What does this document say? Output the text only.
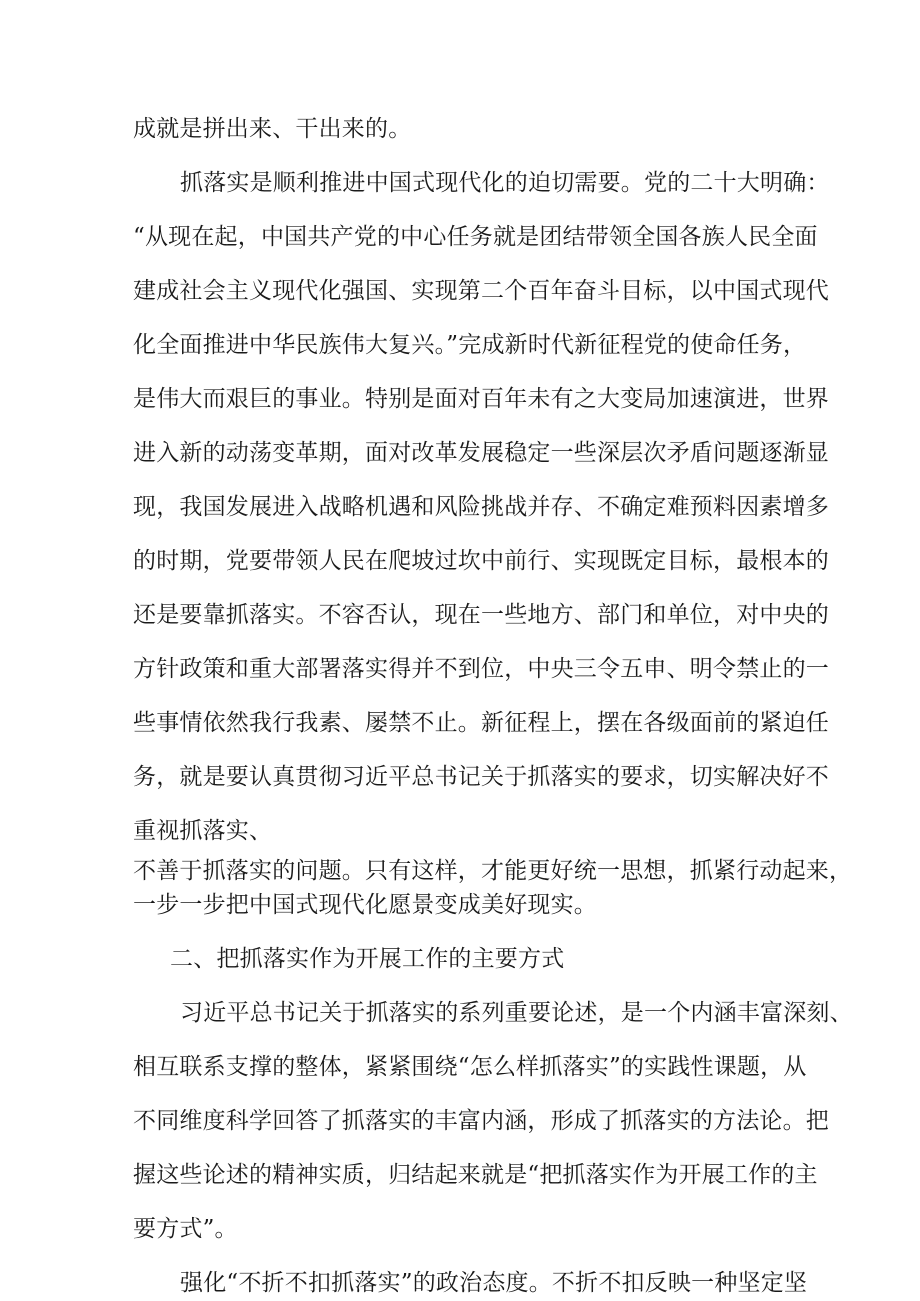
成就是拼出来、干出来的。
抓落实是顺利推进中国式现代化的迫切需要。党的二十大明确：
“从现在起，中国共产党的中心任务就是团结带领全国各族人民全面
建成社会主义现代化强国、实现第二个百年奋斗目标，以中国式现代
化全面推进中华民族伟大复兴。”完成新时代新征程党的使命任务，
是伟大而艰巨的事业。特别是面对百年未有之大变局加速演进，世界
进入新的动荡变革期，面对改革发展稳定一些深层次矛盾问题逐渐显
现，我国发展进入战略机遇和风险挑战并存、不确定难预料因素增多
的时期，党要带领人民在爬坡过坎中前行、实现既定目标，最根本的
还是要靠抓落实。不容否认，现在一些地方、部门和单位，对中央的
方针政策和重大部署落实得并不到位，中央三令五申、明令禁止的一
些事情依然我行我素、屡禁不止。新征程上，摆在各级面前的紧迫任
务，就是要认真贯彻习近平总书记关于抓落实的要求，切实解决好不
重视抓落实、
不善于抓落实的问题。只有这样，才能更好统一思想，抓紧行动起来，
一步一步把中国式现代化愿景变成美好现实。
二、把抓落实作为开展工作的主要方式
习近平总书记关于抓落实的系列重要论述，是一个内涵丰富深刻、
相互联系支撑的整体，紧紧围绕“怎么样抓落实”的实践性课题，从
不同维度科学回答了抓落实的丰富内涵，形成了抓落实的方法论。把
握这些论述的精神实质，归结起来就是“把抓落实作为开展工作的主
要方式”。
强化“不折不扣抓落实”的政治态度。不折不扣反映一种坚定坚
